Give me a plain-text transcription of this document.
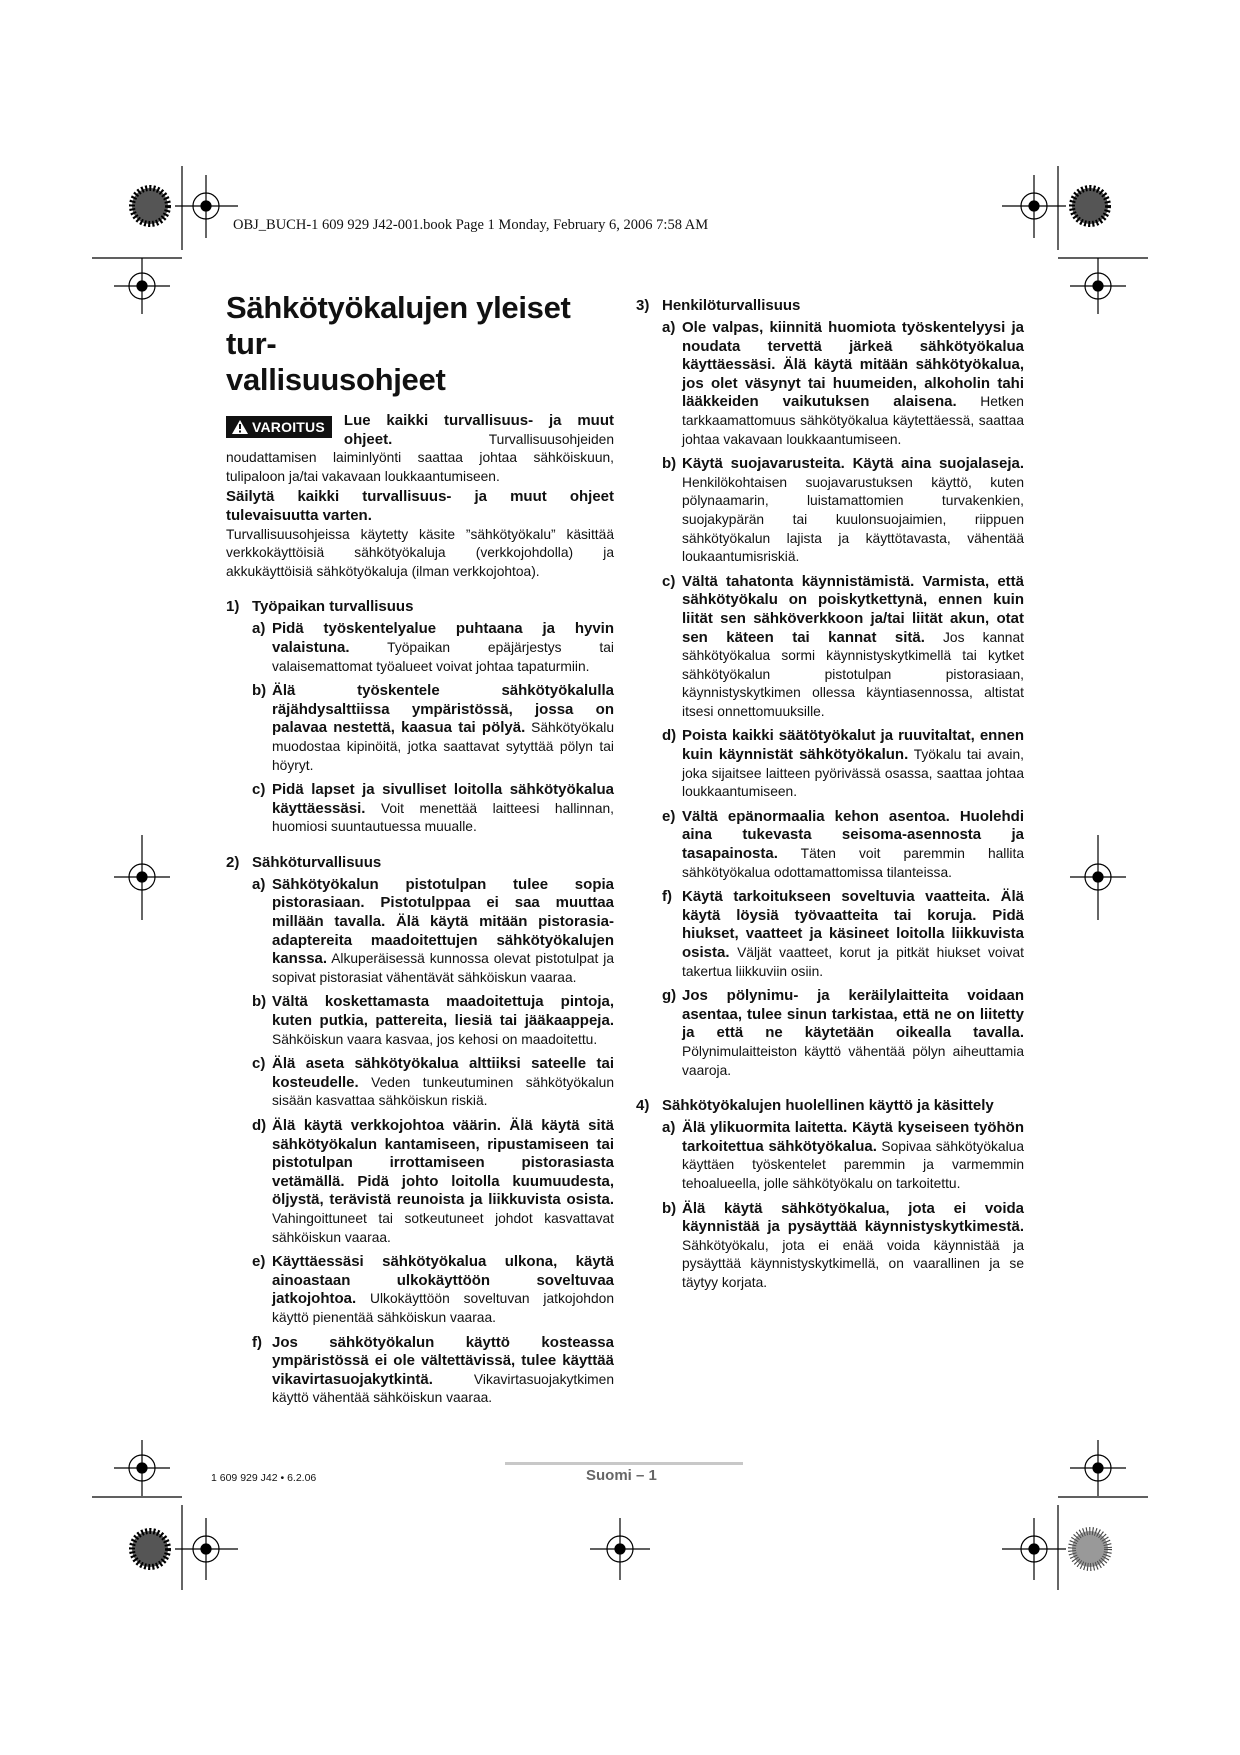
OBJ_BUCH-1 609 929 J42-001.book Page 1 Monday, February 6, 2006 7:58 AM
Sähkötyökalujen yleiset tur-
vallisuusohjeet
VAROITUS	Lue kaikki turvallisuus- ja muut ohjeet. Turvallisuusohjeiden noudattamisen laiminlyönti saattaa johtaa sähköiskuun, tulipaloon ja/tai vakavaan loukkaantumiseen.

Säilytä kaikki turvallisuus- ja muut ohjeet tulevaisuutta varten.

Turvallisuusohjeissa käytetty käsite ”sähkötyökalu” käsittää verkkokäyttöisiä sähkötyökaluja (verkkojohdolla) ja akkukäyttöisiä sähkötyökaluja (ilman verkkojohtoa).

1) Työpaikan turvallisuus
a) Pidä työskentelyalue puhtaana ja hyvin valaistuna. Työpaikan epäjärjestys tai valaisemattomat työalueet voivat johtaa tapaturmiin.

b) Älä työskentele sähkötyökalulla räjähdysalttiissa ympäristössä, jossa on palavaa nestettä, kaasua tai pölyä. Sähkötyökalu muodostaa kipinöitä, jotka saattavat sytyttää pölyn tai höyryt.

c) Pidä lapset ja sivulliset loitolla sähkötyökalua käyttäessäsi. Voit menettää laitteesi hallinnan, huomiosi suuntautuessa muualle.

2) Sähköturvallisuus
a) Sähkötyökalun pistotulpan tulee sopia pistorasiaan. Pistotulppaa ei saa muuttaa millään tavalla. Älä käytä mitään pistorasia-adaptereita maadoitettujen sähkötyökalujen kanssa. Alkuperäisessä kunnossa olevat pistotulpat ja sopivat pistorasiat vähentävät sähköiskun vaaraa.

b) Vältä koskettamasta maadoitettuja pintoja, kuten putkia, pattereita, liesiä tai jääkaappeja. Sähköiskun vaara kasvaa, jos kehosi on maadoitettu.

c) Älä aseta sähkötyökalua alttiiksi sateelle tai kosteudelle. Veden tunkeutuminen sähkötyökalun sisään kasvattaa sähköiskun riskiä.

d) Älä käytä verkkojohtoa väärin. Älä käytä sitä sähkötyökalun kantamiseen, ripustamiseen tai pistotulpan irrottamiseen pistorasiasta vetämällä. Pidä johto loitolla kuumuudesta, öljystä, terävistä reunoista ja liikkuvista osista. Vahingoittuneet tai sotkeutuneet johdot kasvattavat sähköiskun vaaraa.

e) Käyttäessäsi sähkötyökalua ulkona, käytä ainoastaan ulkokäyttöön soveltuvaa jatkojohtoa. Ulkokäyttöön soveltuvan jatkojohdon käyttö pienentää sähköiskun vaaraa.

f) Jos sähkötyökalun käyttö kosteassa ympäristössä ei ole vältettävissä, tulee käyttää vikavirtasuojakytkintä. Vikavirtasuojakytkimen käyttö vähentää sähköiskun vaaraa.

3) Henkilöturvallisuus
a) Ole valpas, kiinnitä huomiota työskentelyysi ja noudata tervettä järkeä sähkötyökalua käyttäessäsi. Älä käytä mitään sähkötyökalua, jos olet väsynyt tai huumeiden, alkoholin tahi lääkkeiden vaikutuksen alaisena. Hetken tarkkaamattomuus sähkötyökalua käytettäessä, saattaa johtaa vakavaan loukkaantumiseen.

b) Käytä suojavarusteita. Käytä aina suojalaseja. Henkilökohtaisen suojavarustuksen käyttö, kuten pölynaamarin, luistamattomien turvakenkien, suojakypärän tai kuulonsuojaimien, riippuen sähkötyökalun lajista ja käyttötavasta, vähentää loukaantumisriskiä.

c) Vältä tahatonta käynnistämistä. Varmista, että sähkötyökalu on poiskytkettynä, ennen kuin liität sen sähköverkkoon ja/tai liität akun, otat sen käteen tai kannat sitä. Jos kannat sähkötyökalua sormi käynnistyskytkimellä tai kytket sähkötyökalun pistotulpan pistorasiaan, käynnistyskytkimen ollessa käyntiasennossa, altistat itsesi onnettomuuksille.

d) Poista kaikki säätötyökalut ja ruuvitaltat, ennen kuin käynnistät sähkötyökalun. Työkalu tai avain, joka sijaitsee laitteen pyörivässä osassa, saattaa johtaa loukkaantumiseen.

e) Vältä epänormaalia kehon asentoa. Huolehdi aina tukevasta seisoma-asennosta ja tasapainosta. Täten voit paremmin hallita sähkötyökalua odottamattomissa tilanteissa.

f) Käytä tarkoitukseen soveltuvia vaatteita. Älä käytä löysiä työvaatteita tai koruja. Pidä hiukset, vaatteet ja käsineet loitolla liikkuvista osista. Väljät vaatteet, korut ja pitkät hiukset voivat takertua liikkuviin osiin.

g) Jos pölynimu- ja keräilylaitteita voidaan asentaa, tulee sinun tarkistaa, että ne on liitetty ja että ne käytetään oikealla tavalla. Pölynimulaitteiston käyttö vähentää pölyn aiheuttamia vaaroja.

4) Sähkötyökalujen huolellinen käyttö ja käsittely
a) Älä ylikuormita laitetta. Käytä kyseiseen työhön tarkoitettua sähkötyökalua. Sopivaa sähkötyökalua käyttäen työskentelet paremmin ja varmemmin tehoalueella, jolle sähkötyökalu on tarkoitettu.

b) Älä käytä sähkötyökalua, jota ei voida käynnistää ja pysäyttää käynnistyskytkimestä. Sähkötyökalu, jota ei enää voida käynnistää ja pysäyttää käynnistyskytkimellä, on vaarallinen ja se täytyy korjata.

1 609 929 J42 • 6.2.06	Suomi – 1
